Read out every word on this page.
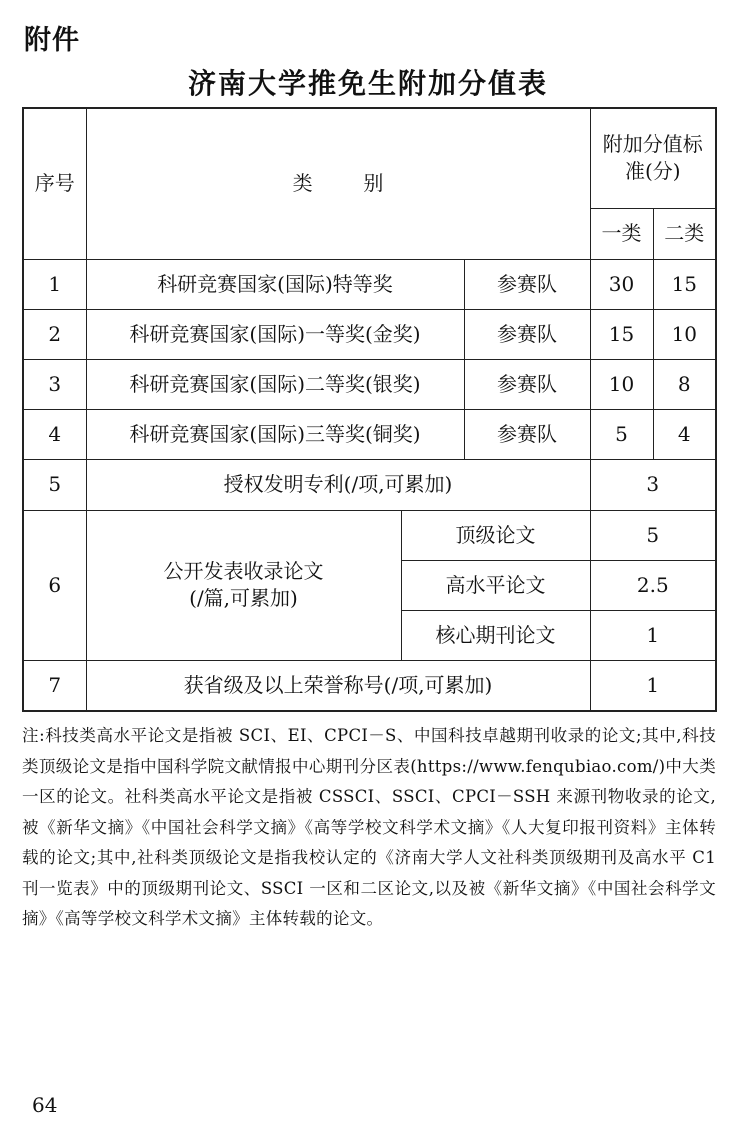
附件
济南大学推免生附加分值表
序号	类        别			附加分值标准(分)	
				一类	二类
1	科研竞赛国家(国际)特等奖		参赛队	30	15
2	科研竞赛国家(国际)一等奖(金奖)		参赛队	15	10
3	科研竞赛国家(国际)二等奖(银奖)		参赛队	10	8
4	科研竞赛国家(国际)三等奖(铜奖)		参赛队	5	4
5	授权发明专利(/项,可累加)			3	
6	公开发表收录论文
(/篇,可累加)	顶级论文		5	
		高水平论文		2.5	
		核心期刊论文		1	
7	获省级及以上荣誉称号(/项,可累加)			1	
注:科技类高水平论文是指被 SCI、EI、CPCI－S、中国科技卓越期刊收录的论文;其中,科技类顶级论文是指中国科学院文献情报中心期刊分区表(https://www.fenqubiao.com/)中大类一区的论文。社科类高水平论文是指被 CSSCI、SSCI、CPCI－SSH 来源刊物收录的论文,被《新华文摘》《中国社会科学文摘》《高等学校文科学术文摘》《人大复印报刊资料》主体转载的论文;其中,社科类顶级论文是指我校认定的《济南大学人文社科类顶级期刊及高水平 C1 刊一览表》中的顶级期刊论文、SSCI 一区和二区论文,以及被《新华文摘》《中国社会科学文摘》《高等学校文科学术文摘》主体转载的论文。
64
